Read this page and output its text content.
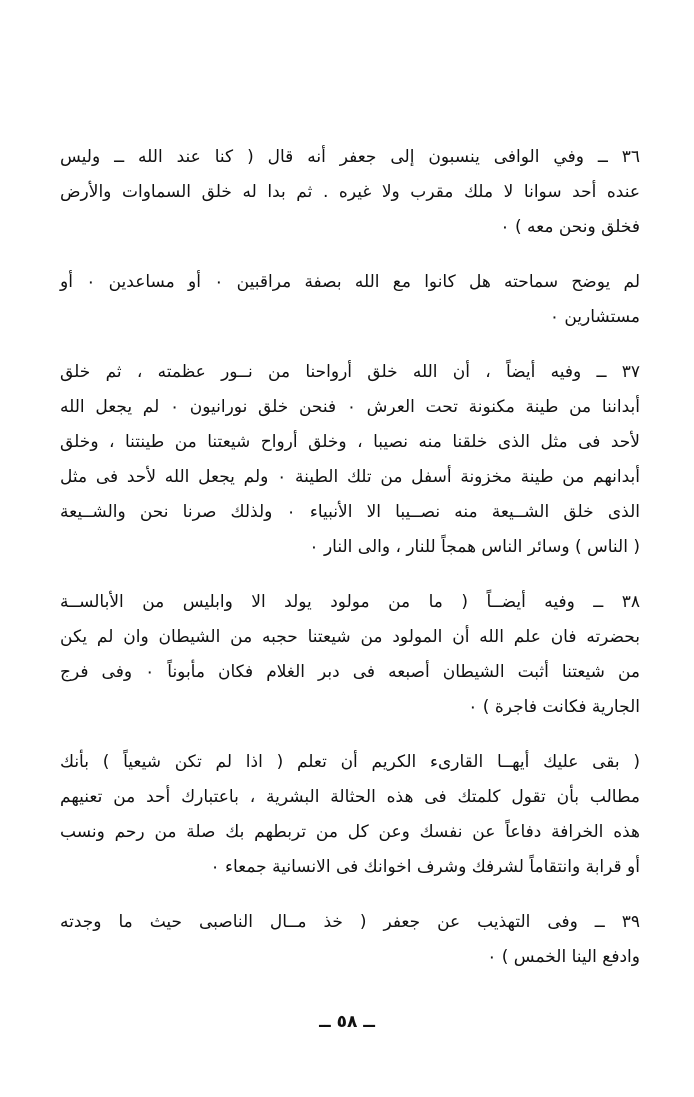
٣٦ ــ وفي الوافى ينسبون إلى جعفر أنه قال ( كنا عند الله ــ وليس
عنده أحد سوانا لا ملك مقرب ولا غيره . ثم بدا له خلق السماوات والأرض
فخلق ونحن معه ) ٠
لم يوضح سماحته هل كانوا مع الله بصفة مراقبين ٠ أو مساعدين ٠ أو
مستشارين ٠
٣٧ ــ وفيه أيضاً ، أن الله خلق أرواحنا من نــور عظمته ، ثم خلق
أبداننا من طينة مكنونة تحت العرش ٠ فنحن خلق نورانيون ٠ لم يجعل الله
لأحد فى مثل الذى خلقنا منه نصيبا ، وخلق أرواح شيعتنا من طينتنا ، وخلق
أبدانهم من طينة مخزونة أسفل من تلك الطينة ٠ ولم يجعل الله لأحد فى مثل
الذى خلق الشــيعة منه نصــيبا الا الأنبياء ٠ ولذلك صرنا نحن والشــيعة
( الناس ) وسائر الناس همجاً للنار ، والى النار ٠
٣٨ ــ وفيه أيضــاً ( ما من مولود يولد الا وابليس من الأبالســة
بحضرته فان علم الله أن المولود من شيعتنا حجبه من الشيطان وان لم يكن
من شيعتنا أثبت الشيطان أصبعه فى دبر الغلام فكان مأبوناً ٠ وفى فرج
الجارية فكانت فاجرة ) ٠
( بقى عليك أيهــا القارىء الكريم أن تعلم ( اذا لم تكن شيعياً ) بأنك
مطالب بأن تقول كلمتك فى هذه الحثالة البشرية ، باعتبارك أحد من تعنيهم
هذه الخرافة دفاعاً عن نفسك وعن كل من تربطهم بك صلة من رحم ونسب
أو قرابة وانتقاماً لشرفك وشرف اخوانك فى الانسانية جمعاء ٠
٣٩ ــ وفى التهذيب عن جعفر ( خذ مــال الناصبى حيث ما وجدته
وادفع الينا الخمس ) ٠
ــ ٥٨ ــ
